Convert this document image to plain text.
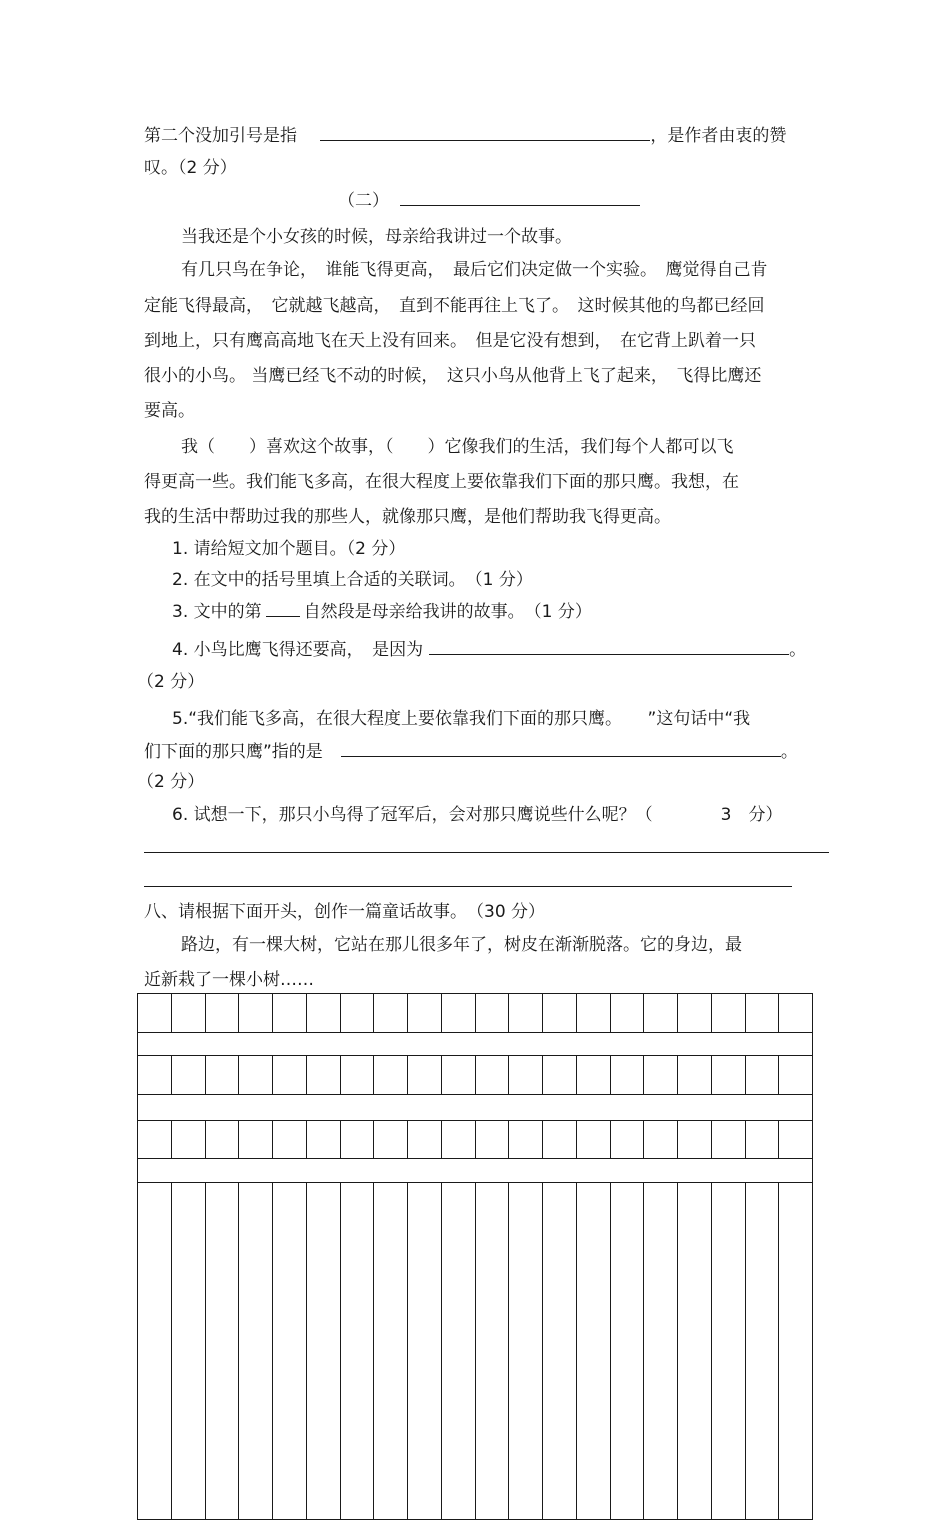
第二个没加引号是指	，是作者由衷的赞
叹。（2 分）
（二）
当我还是个小女孩的时候，母亲给我讲过一个故事。
有几只鸟在争论，　谁能飞得更高，　最后它们决定做一个实验。　鹰觉得自己肯
定能飞得最高，　它就越飞越高，　直到不能再往上飞了。　这时候其他的鸟都已经回
到地上，只有鹰高高地飞在天上没有回来。　但是它没有想到，　在它背上趴着一只
很小的小鸟。 当鹰已经飞不动的时候，　这只小鸟从他背上飞了起来，　飞得比鹰还
要高。
我（　　）喜欢这个故事，（　　）它像我们的生活，我们每个人都可以飞
得更高一些。我们能飞多高，在很大程度上要依靠我们下面的那只鹰。我想，在
我的生活中帮助过我的那些人，就像那只鹰，是他们帮助我飞得更高。
1. 请给短文加个题目。（2 分）
2. 在文中的括号里填上合适的关联词。　（1 分）
3. 文中的第 自然段是母亲给我讲的故事。　（1 分）
4. 小鸟比鹰飞得还要高，　是因为	。
（2 分）
5.“我们能飞多高，在很大程度上要依靠我们下面的那只鹰。　　”这句话中“我
们下面的那只鹰”指的是	。
（2 分）
6. 试想一下，那只小鸟得了冠军后，会对那只鹰说些什么呢？（　　　　3　分）
八、请根据下面开头，创作一篇童话故事。　（30 分）
路边，有一棵大树，它站在那儿很多年了，树皮在渐渐脱落。它的身边，最
近新栽了一棵小树……
